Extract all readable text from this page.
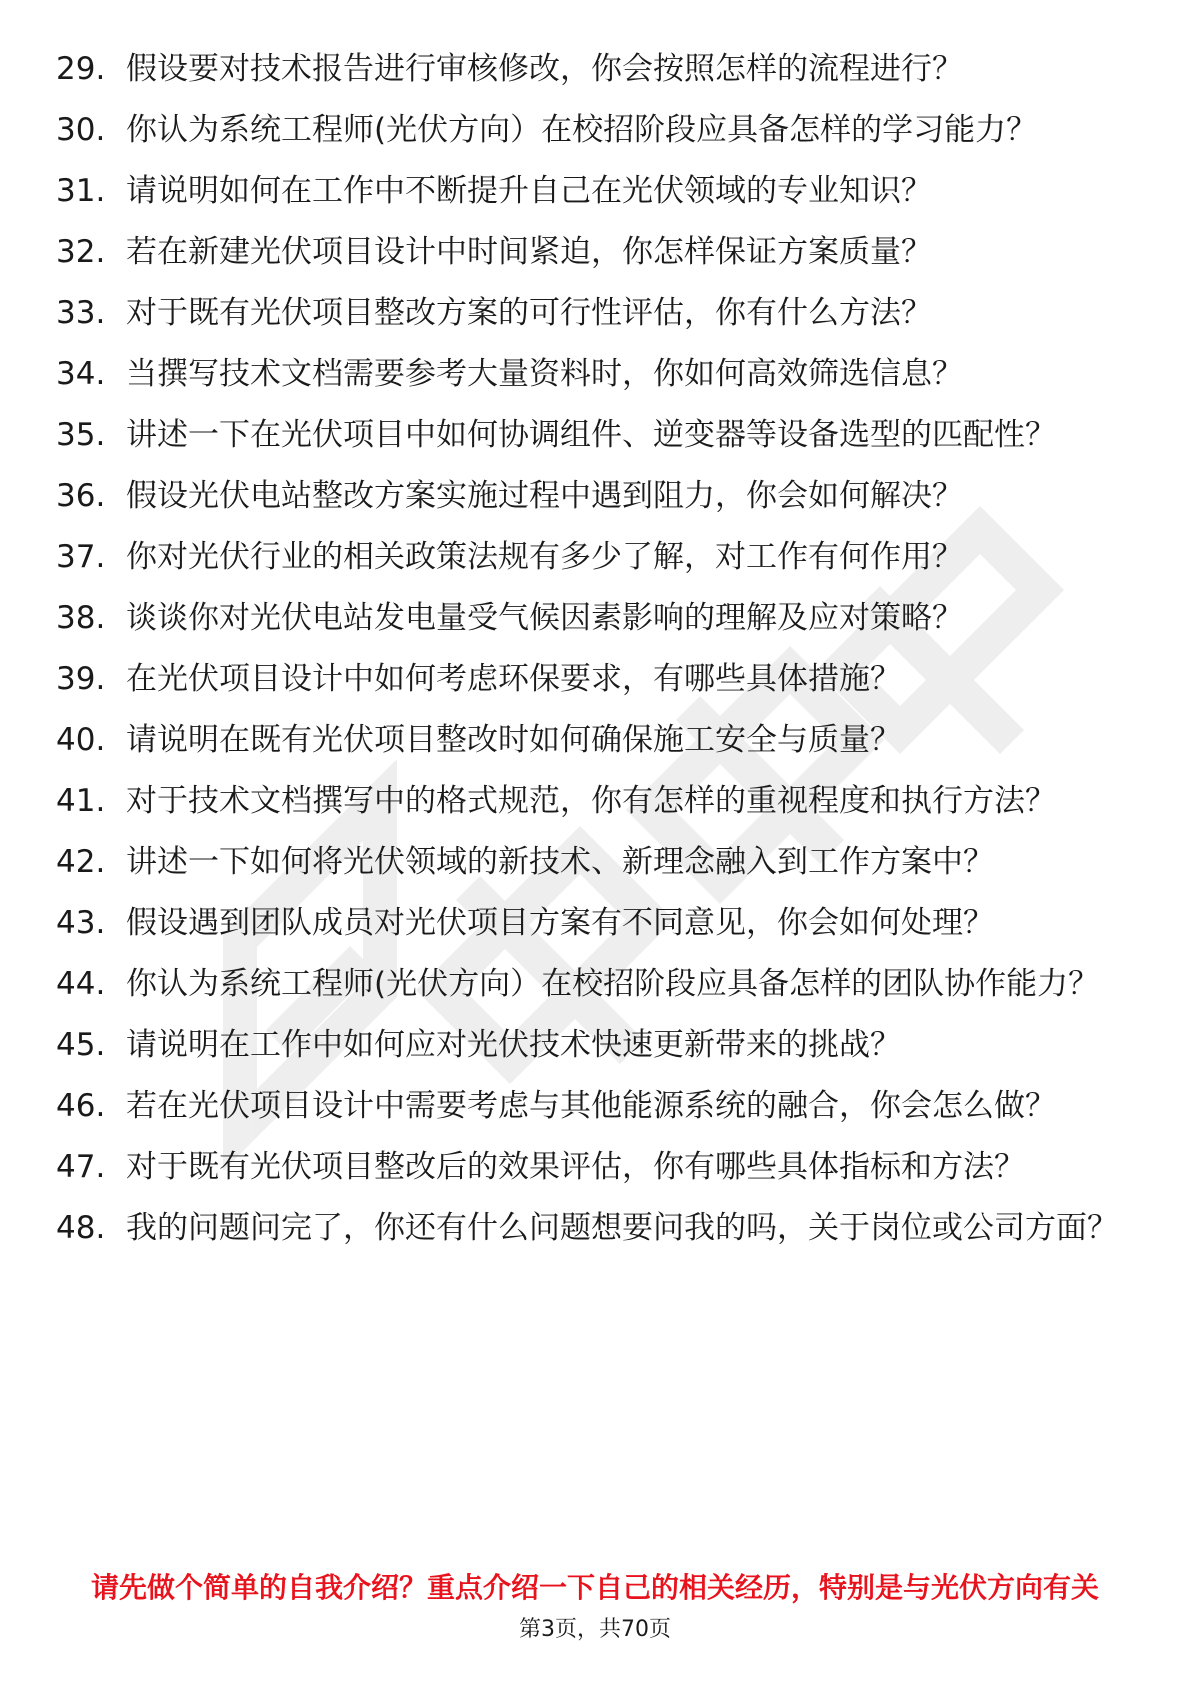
29. 假设要对技术报告进行审核修改，你会按照怎样的流程进行？
30. 你认为系统工程师(光伏方向）在校招阶段应具备怎样的学习能力？
31. 请说明如何在工作中不断提升自己在光伏领域的专业知识？
32. 若在新建光伏项目设计中时间紧迫，你怎样保证方案质量？
33. 对于既有光伏项目整改方案的可行性评估，你有什么方法？
34. 当撰写技术文档需要参考大量资料时，你如何高效筛选信息？
35. 讲述一下在光伏项目中如何协调组件、逆变器等设备选型的匹配性？
36. 假设光伏电站整改方案实施过程中遇到阻力，你会如何解决？
37. 你对光伏行业的相关政策法规有多少了解，对工作有何作用？
38. 谈谈你对光伏电站发电量受气候因素影响的理解及应对策略？
39. 在光伏项目设计中如何考虑环保要求，有哪些具体措施？
40. 请说明在既有光伏项目整改时如何确保施工安全与质量？
41. 对于技术文档撰写中的格式规范，你有怎样的重视程度和执行方法？
42. 讲述一下如何将光伏领域的新技术、新理念融入到工作方案中？
43. 假设遇到团队成员对光伏项目方案有不同意见，你会如何处理？
44. 你认为系统工程师(光伏方向）在校招阶段应具备怎样的团队协作能力？
45. 请说明在工作中如何应对光伏技术快速更新带来的挑战？
46. 若在光伏项目设计中需要考虑与其他能源系统的融合，你会怎么做？
47. 对于既有光伏项目整改后的效果评估，你有哪些具体指标和方法？
48. 我的问题问完了，你还有什么问题想要问我的吗，关于岗位或公司方面？
请先做个简单的自我介绍？重点介绍一下自己的相关经历，特别是与光伏方向有关
第3页，共70页
